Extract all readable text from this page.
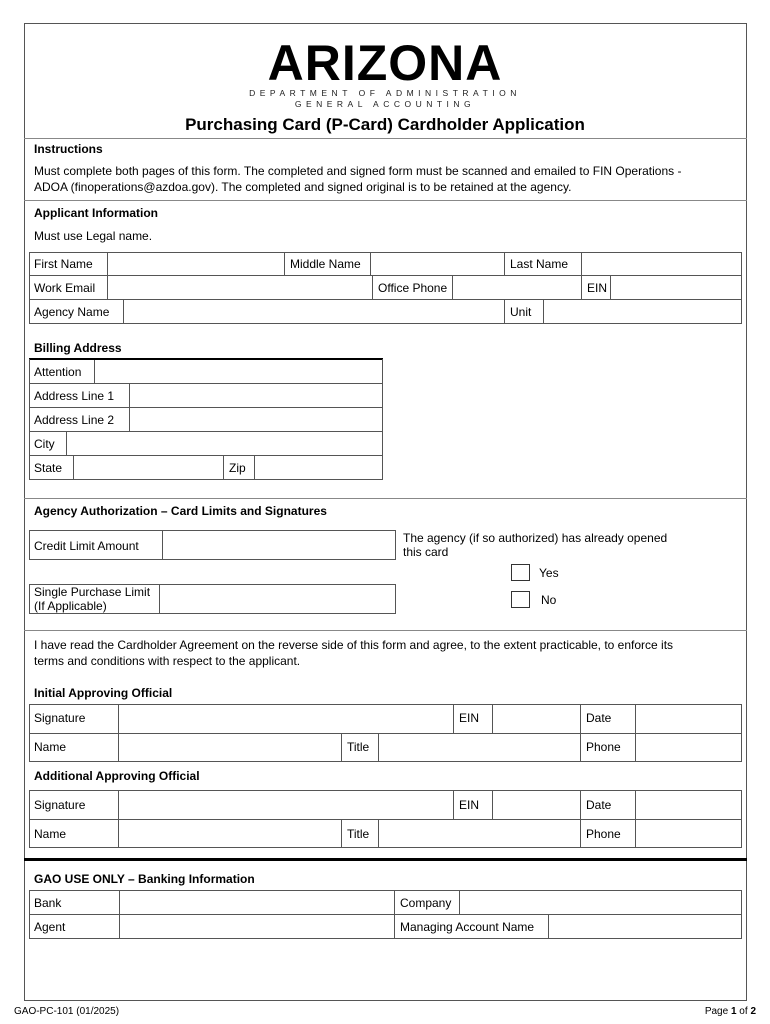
ARIZONA
DEPARTMENT OF ADMINISTRATION
GENERAL ACCOUNTING
Purchasing Card (P-Card) Cardholder Application
Instructions
Must complete both pages of this form. The completed and signed form must be scanned and emailed to FIN Operations -
ADOA (finoperations@azdoa.gov). The completed and signed original is to be retained at the agency.
Applicant Information
Must use Legal name.
First Name	Middle Name	Last Name
Work Email	Office Phone	EIN
Agency Name	Unit
Billing Address
Attention
Address Line 1
Address Line 2
City
State	Zip
Agency Authorization – Card Limits and Signatures
Credit Limit Amount
Single Purchase Limit
(If Applicable)
The agency (if so authorized) has already opened
this card
Yes
No
I have read the Cardholder Agreement on the reverse side of this form and agree, to the extent practicable, to enforce its
terms and conditions with respect to the applicant.
Initial Approving Official
Signature	EIN	Date
Name	Title	Phone
Additional Approving Official
Signature	EIN	Date
Name	Title	Phone
GAO USE ONLY – Banking Information
Bank	Company
Agent	Managing Account Name
GAO-PC-101 (01/2025)	Page 1 of 2
